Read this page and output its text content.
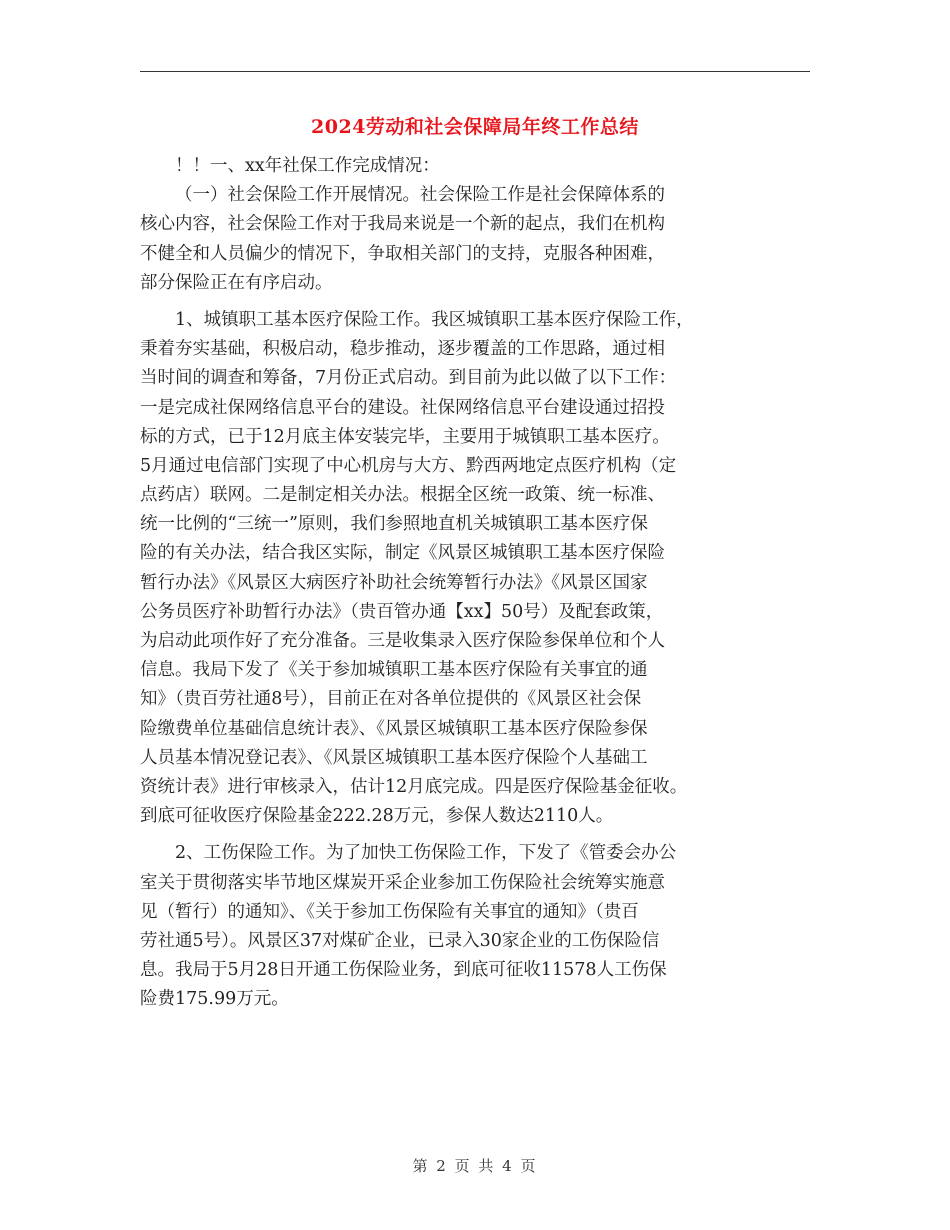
2024劳动和社会保障局年终工作总结
！！一、xx年社保工作完成情况：
（一）社会保险工作开展情况。社会保险工作是社会保障体系的
核心内容，社会保险工作对于我局来说是一个新的起点，我们在机构
不健全和人员偏少的情况下，争取相关部门的支持，克服各种困难，
部分保险正在有序启动。
1、城镇职工基本医疗保险工作。我区城镇职工基本医疗保险工作，
秉着夯实基础，积极启动，稳步推动，逐步覆盖的工作思路，通过相
当时间的调查和筹备，7月份正式启动。到目前为此以做了以下工作：
一是完成社保网络信息平台的建设。社保网络信息平台建设通过招投
标的方式，已于12月底主体安装完毕，主要用于城镇职工基本医疗。
5月通过电信部门实现了中心机房与大方、黔西两地定点医疗机构（定
点药店）联网。二是制定相关办法。根据全区统一政策、统一标准、
统一比例的“三统一”原则，我们参照地直机关城镇职工基本医疗保
险的有关办法，结合我区实际，制定《风景区城镇职工基本医疗保险
暂行办法》《风景区大病医疗补助社会统筹暂行办法》《风景区国家
公务员医疗补助暂行办法》（贵百管办通【xx】50号）及配套政策，
为启动此项作好了充分准备。三是收集录入医疗保险参保单位和个人
信息。我局下发了《关于参加城镇职工基本医疗保险有关事宜的通
知》（贵百劳社通8号），目前正在对各单位提供的《风景区社会保
险缴费单位基础信息统计表》、《风景区城镇职工基本医疗保险参保
人员基本情况登记表》、《风景区城镇职工基本医疗保险个人基础工
资统计表》进行审核录入，估计12月底完成。四是医疗保险基金征收。
到底可征收医疗保险基金222.28万元，参保人数达2110人。
2、工伤保险工作。为了加快工伤保险工作，下发了《管委会办公
室关于贯彻落实毕节地区煤炭开采企业参加工伤保险社会统筹实施意
见（暂行）的通知》、《关于参加工伤保险有关事宜的通知》（贵百
劳社通5号）。风景区37对煤矿企业，已录入30家企业的工伤保险信
息。我局于5月28日开通工伤保险业务，到底可征收11578人工伤保
险费175.99万元。
第 2 页 共 4 页
